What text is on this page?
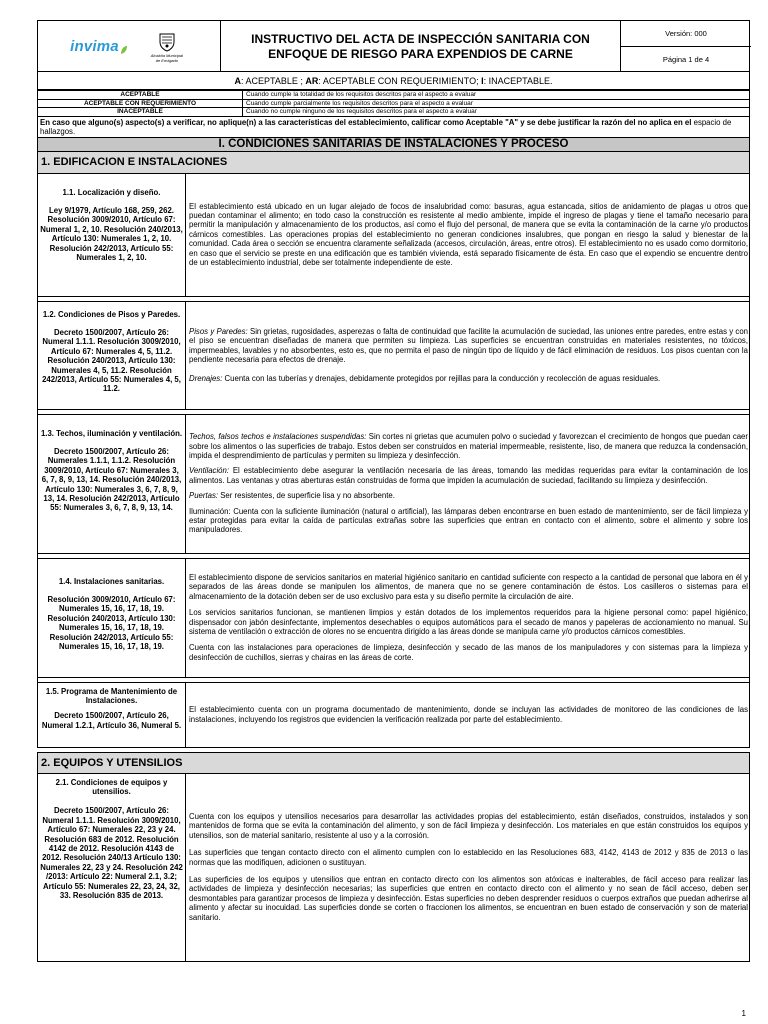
invima	Alcaldía Municipal
de Envigado
INSTRUCTIVO DEL ACTA DE INSPECCIÓN SANITARIA CON ENFOQUE DE RIESGO PARA EXPENDIOS DE CARNE
Versión: 000
Página 1 de 4
A : ACEPTABLE ; AR : ACEPTABLE CON REQUERIMIENTO; I : INACEPTABLE.
ACEPTABLE	Cuando cumple la totalidad de los requisitos descritos para el aspecto a evaluar
ACEPTABLE CON REQUERIMIENTO	Cuando cumple parcialmente los requisitos descritos para el aspecto a evaluar
INACEPTABLE	Cuando no cumple ninguno de los requisitos descritos para el aspecto a evaluar
En caso que alguno(s) aspecto(s) a verificar, no aplique(n) a las características del establecimiento, calificar como Aceptable "A" y se debe justificar la razón del no aplica en el espacio de hallazgos.
I. CONDICIONES SANITARIAS DE INSTALACIONES Y PROCESO
1. EDIFICACION E INSTALACIONES
1.1. Localización y diseño.
Ley 9/1979, Artículo 168, 259, 262. Resolución 3009/2010, Artículo 67: Numeral 1, 2, 10. Resolución 240/2013, Artículo 130: Numerales 1, 2, 10. Resolución 242/2013, Artículo 55: Numerales 1, 2, 10.

El establecimiento está ubicado en un lugar alejado de focos de insalubridad como: basuras, agua estancada, sitios de anidamiento de plagas u otros que puedan contaminar el alimento; en todo caso la construcción es resistente al medio ambiente, impide el ingreso de plagas y tiene el tamaño necesario para permitir la manipulación y almacenamiento de los productos, así como el flujo del personal, de manera que se evita la contaminación de la carne y/o productos cárnicos comestibles. Las operaciones propias del establecimiento no generan condiciones insalubres, que pongan en riesgo la salud y bienestar de la comunidad. Cada área o sección se encuentra claramente señalizada (accesos, circulación, áreas, entre otros). El establecimiento no es usado como dormitorio, en caso que el servicio se preste en una edificación que es también vivienda, está separado físicamente de ésta. En caso que el expendio se encuentre dentro de un establecimiento industrial, debe ser totalmente independiente de este.

1.2. Condiciones de Pisos y Paredes.
Decreto 1500/2007, Artículo 26: Numeral 1.1.1. Resolución 3009/2010, Artículo 67: Numerales 4, 5, 11.2. Resolución 240/2013, Artículo 130: Numerales 4, 5, 11.2. Resolución 242/2013, Artículo 55: Numerales 4, 5, 11.2.

Pisos y Paredes: Sin grietas, rugosidades, asperezas o falta de continuidad que facilite la acumulación de suciedad, las uniones entre paredes, entre estas y con el piso se encuentran diseñadas de manera que permiten su limpieza. Las superficies se encuentran construidas en materiales resistentes, no tóxicos, impermeables, lavables y no absorbentes, esto es, que no permita el paso de ningún tipo de líquido y de fácil eliminación de residuos. Los pisos cuentan con la pendiente necesaria para efectos de drenaje.

Drenajes: Cuenta con las tuberías y drenajes, debidamente protegidos por rejillas para la conducción y recolección de aguas residuales.

1.3. Techos, iluminación y ventilación.
Decreto 1500/2007, Artículo 26: Numerales 1.1.1, 1.1.2. Resolución 3009/2010, Artículo 67: Numerales 3, 6, 7, 8, 9, 13, 14. Resolución 240/2013, Artículo 130: Numerales 3, 6, 7, 8, 9, 13, 14. Resolución 242/2013, Artículo 55: Numerales 3, 6, 7, 8, 9, 13, 14.

Techos, falsos techos e instalaciones suspendidas: Sin cortes ni grietas que acumulen polvo o suciedad y favorezcan el crecimiento de hongos que puedan caer sobre los alimentos o las superficies de trabajo. Estos deben ser construidos en material impermeable, resistente, liso, de manera que reduzca la condensación, impida el desprendimiento de partículas y permiten su limpieza y desinfección.

Ventilación: El establecimiento debe asegurar la ventilación necesaria de las áreas, tomando las medidas requeridas para evitar la contaminación de los alimentos. Las ventanas y otras aberturas están construidas de forma que impiden la acumulación de suciedad, facilitando su limpieza y desinfección.

Puertas: Ser resistentes, de superficie lisa y no absorbente.

Iluminación: Cuenta con la suficiente iluminación (natural o artificial), las lámparas deben encontrarse en buen estado de mantenimiento, ser de fácil limpieza y estar protegidas para evitar la caída de partículas extrañas sobre las superficies que entran en contacto con el alimento, sobre el alimento y sobre los manipuladores.

1.4. Instalaciones sanitarias.
Resolución 3009/2010, Artículo 67: Numerales 15, 16, 17, 18, 19. Resolución 240/2013, Artículo 130: Numerales 15, 16, 17, 18, 19. Resolución 242/2013, Artículo 55: Numerales 15, 16, 17, 18, 19.

El establecimiento dispone de servicios sanitarios en material higiénico sanitario en cantidad suficiente con respecto a la cantidad de personal que labora en él y separados de las áreas donde se manipulen los alimentos, de manera que no se genere contaminación de éstos. Los casilleros o sistemas para el almacenamiento de la dotación deben ser de uso exclusivo para esta y su diseño permite la circulación de aire.

Los servicios sanitarios funcionan, se mantienen limpios y están dotados de los implementos requeridos para la higiene personal como: papel higiénico, dispensador con jabón desinfectante, implementos desechables o equipos automáticos para el secado de manos y papeleras de accionamiento no manual. Su sistema de ventilación o extracción de olores no se encuentra dirigido a las áreas donde se manipula carne y/o productos cárnicos comestibles.

Cuenta con las instalaciones para operaciones de limpieza, desinfección y secado de las manos de los manipuladores y con sistemas para la limpieza y desinfección de cuchillos, sierras y chairas en las áreas de corte.

1.5. Programa de Mantenimiento de Instalaciones.
Decreto 1500/2007, Artículo 26, Numeral 1.2.1, Artículo 36, Numeral 5.

El establecimiento cuenta con un programa documentado de mantenimiento, donde se incluyan las actividades de monitoreo de las condiciones de las instalaciones, incluyendo los registros que evidencien la verificación realizada por parte del establecimiento.

2. EQUIPOS Y UTENSILIOS
2.1. Condiciones de equipos y utensilios.
Decreto 1500/2007, Artículo 26: Numeral 1.1.1. Resolución 3009/2010, Artículo 67: Numerales 22, 23 y 24. Resolución 683 de 2012. Resolución 4142 de 2012. Resolución 4143 de 2012. Resolución 240/13 Artículo 130: Numerales 22, 23 y 24. Resolución 242 /2013: Artículo 22: Numeral 2.1, 3.2; Artículo 55: Numerales 22, 23, 24, 32, 33. Resolución 835 de 2013.

Cuenta con los equipos y utensilios necesarios para desarrollar las actividades propias del establecimiento, están diseñados, construidos, instalados y son mantenidos de forma que se evita la contaminación del alimento, y son de fácil limpieza y desinfección. Los materiales en que están construidos los equipos y utensilios, son de material sanitario, resistente al uso y a la corrosión.

Las superficies que tengan contacto directo con el alimento cumplen con lo establecido en las Resoluciones 683, 4142, 4143 de 2012 y 835 de 2013 o las normas que las modifiquen, adicionen o sustituyan.

Las superficies de los equipos y utensilios que entran en contacto directo con los alimentos son atóxicas e inalterables, de fácil acceso para realizar las actividades de limpieza y desinfección necesarias; las superficies que entren en contacto directo con el alimento y no sean de fácil acceso, deben ser desmontables para garantizar procesos de limpieza y desinfección. Estas superficies no deben desprender residuos o cuerpos extraños que puedan adherirse al alimento y afectar su inocuidad. Las superficies donde se corten o fraccionen los alimentos, se encuentran en buen estado de conservación y son de material sanitario.

1
